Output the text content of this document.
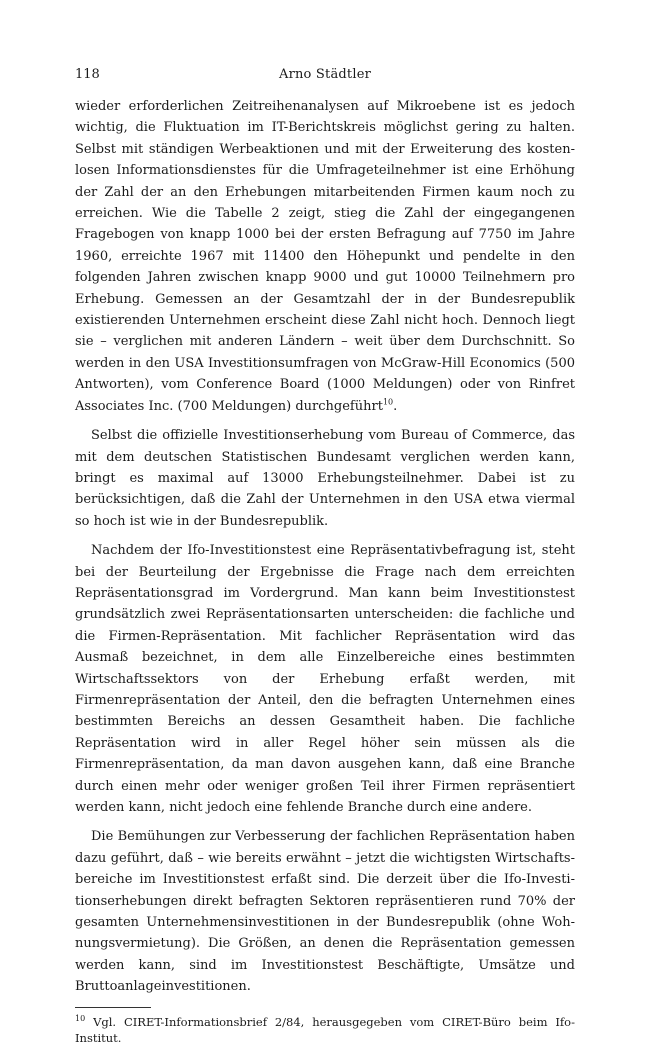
118	Arno Städtler

wieder erforderlichen Zeitreihenanalysen auf Mikroebene ist es jedoch wichtig, die Fluktuation im IT-Berichtskreis möglichst gering zu halten. Selbst mit ständigen Werbeaktionen und mit der Erweiterung des kostenlosen Informationsdienstes für die Umfrageteilnehmer ist eine Erhöhung der Zahl der an den Erhebungen mitarbeitenden Firmen kaum noch zu erreichen. Wie die Tabelle 2 zeigt, stieg die Zahl der eingegangenen Fragebogen von knapp 1000 bei der ersten Befragung auf 7750 im Jahre 1960, erreichte 1967 mit 11400 den Höhepunkt und pendelte in den folgenden Jahren zwischen knapp 9000 und gut 10000 Teilnehmern pro Erhebung. Gemessen an der Gesamtzahl der in der Bundesrepublik existierenden Unternehmen erscheint diese Zahl nicht hoch. Dennoch liegt sie – verglichen mit anderen Ländern – weit über dem Durchschnitt. So werden in den USA Investitionsumfragen von McGraw-Hill Economics (500 Antworten), vom Conference Board (1000 Meldungen) oder von Rinfret Associates Inc. (700 Meldungen) durchgeführt$^{10}$.

Selbst die offizielle Investitionserhebung vom Bureau of Commerce, das mit dem deutschen Statistischen Bundesamt verglichen werden kann, bringt es maximal auf 13000 Erhebungsteilnehmer. Dabei ist zu berücksichtigen, daß die Zahl der Unternehmen in den USA etwa viermal so hoch ist wie in der Bundesrepublik.

Nachdem der Ifo-Investitionstest eine Repräsentativbefragung ist, steht bei der Beurteilung der Ergebnisse die Frage nach dem erreichten Repräsentationsgrad im Vordergrund. Man kann beim Investitionstest grundsätzlich zwei Repräsentationsarten unterscheiden: die fachliche und die Firmen-Repräsentation. Mit fachlicher Repräsentation wird das Ausmaß bezeichnet, in dem alle Einzelbereiche eines bestimmten Wirtschaftssektors von der Erhebung erfaßt werden, mit Firmenrepräsentation der Anteil, den die befragten Unternehmen eines bestimmten Bereichs an dessen Gesamtheit haben. Die fachliche Repräsentation wird in aller Regel höher sein müssen als die Firmenrepräsentation, da man davon ausgehen kann, daß eine Branche durch einen mehr oder weniger großen Teil ihrer Firmen repräsentiert werden kann, nicht jedoch eine fehlende Branche durch eine andere.

Die Bemühungen zur Verbesserung der fachlichen Repräsentation haben dazu geführt, daß – wie bereits erwähnt – jetzt die wichtigsten Wirtschaftsbereiche im Investitionstest erfaßt sind. Die derzeit über die Ifo-Investitionserhebungen direkt befragten Sektoren repräsentieren rund 70% der gesamten Unternehmensinvestitionen in der Bundesrepublik (ohne Wohnungsvermietung). Die Größen, an denen die Repräsentation gemessen werden kann, sind im Investitionstest Beschäftigte, Umsätze und Bruttoanlageinvestitionen.

$^{10}$ Vgl. CIRET-Informationsbrief 2/84, herausgegeben vom CIRET-Büro beim Ifo-Institut.
